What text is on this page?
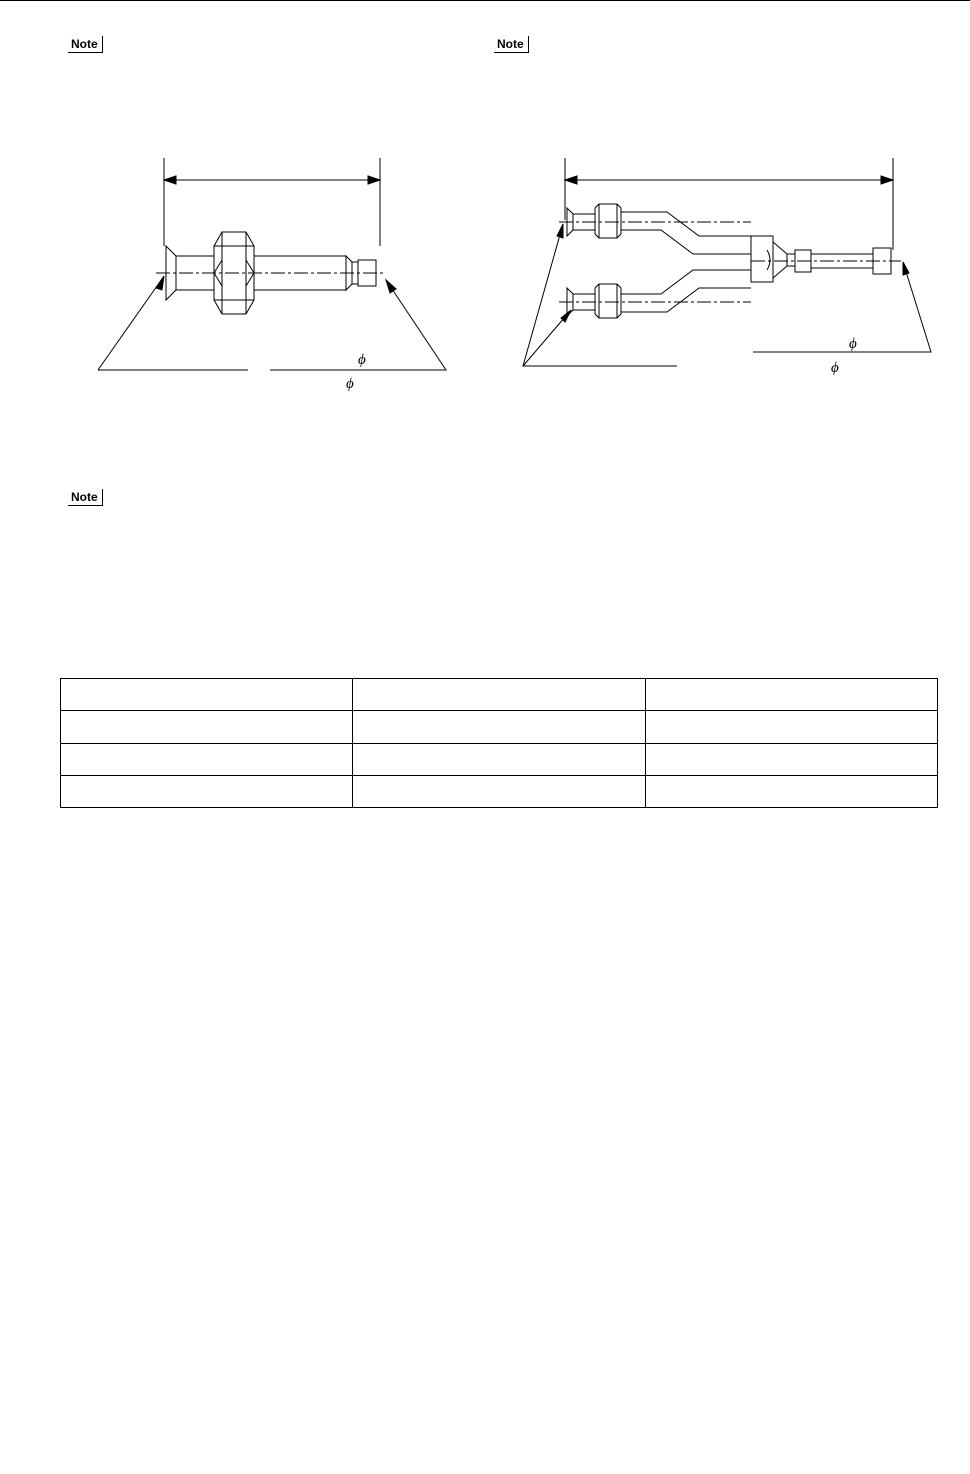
Note	Note
Note
ϕ
ϕ
ϕ
ϕ
